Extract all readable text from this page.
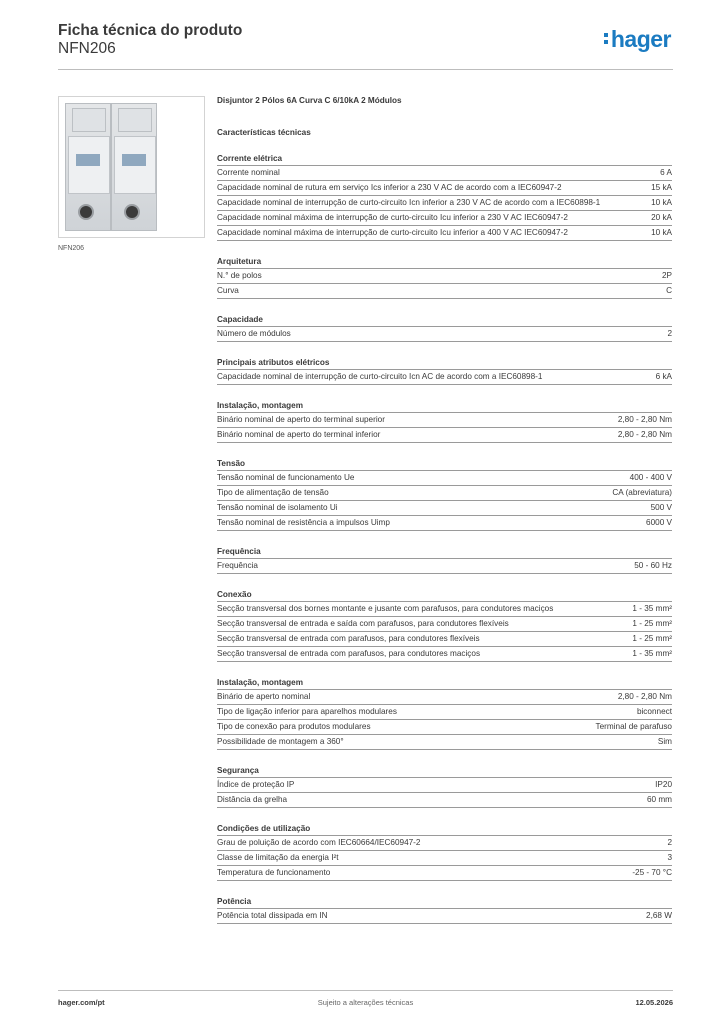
Ficha técnica do produto
NFN206	hager
NFN206
Disjuntor 2 Pólos 6A Curva C 6/10kA 2 Módulos
Características técnicas
Corrente elétrica
Corrente nominal	6 A
Capacidade nominal de rutura em serviço Ics inferior a 230 V AC de acordo com a IEC60947-2	15 kA
Capacidade nominal de interrupção de curto-circuito Icn inferior a 230 V AC de acordo com a IEC60898-1	10 kA
Capacidade nominal máxima de interrupção de curto-circuito Icu inferior a 230 V AC IEC60947-2	20 kA
Capacidade nominal máxima de interrupção de curto-circuito Icu inferior a 400 V AC IEC60947-2	10 kA
Arquitetura
N.° de polos	2P
Curva	C
Capacidade
Número de módulos	2
Principais atributos elétricos
Capacidade nominal de interrupção de curto-circuito Icn AC de acordo com a IEC60898-1	6 kA
Instalação, montagem
Binário nominal de aperto do terminal superior	2,80 - 2,80 Nm
Binário nominal de aperto do terminal inferior	2,80 - 2,80 Nm
Tensão
Tensão nominal de funcionamento Ue	400 - 400 V
Tipo de alimentação de tensão	CA (abreviatura)
Tensão nominal de isolamento Ui	500 V
Tensão nominal de resistência a impulsos Uimp	6000 V
Frequência
Frequência	50 - 60 Hz
Conexão
Secção transversal dos bornes montante e jusante com parafusos, para condutores maciços	1 - 35 mm²
Secção transversal de entrada e saída com parafusos, para condutores flexíveis	1 - 25 mm²
Secção transversal de entrada com parafusos, para condutores flexíveis	1 - 25 mm²
Secção transversal de entrada com parafusos, para condutores maciços	1 - 35 mm²
Instalação, montagem
Binário de aperto nominal	2,80 - 2,80 Nm
Tipo de ligação inferior para aparelhos modulares	biconnect
Tipo de conexão para produtos modulares	Terminal de parafuso
Possibilidade de montagem a 360°	Sim
Segurança
Índice de proteção IP	IP20
Distância da grelha	60 mm
Condições de utilização
Grau de poluição de acordo com IEC60664/IEC60947-2	2
Classe de limitação da energia I²t	3
Temperatura de funcionamento	-25 - 70 °C
Potência
Potência total dissipada em IN	2,68 W
hager.com/pt	Sujeito a alterações técnicas	12.05.2026
